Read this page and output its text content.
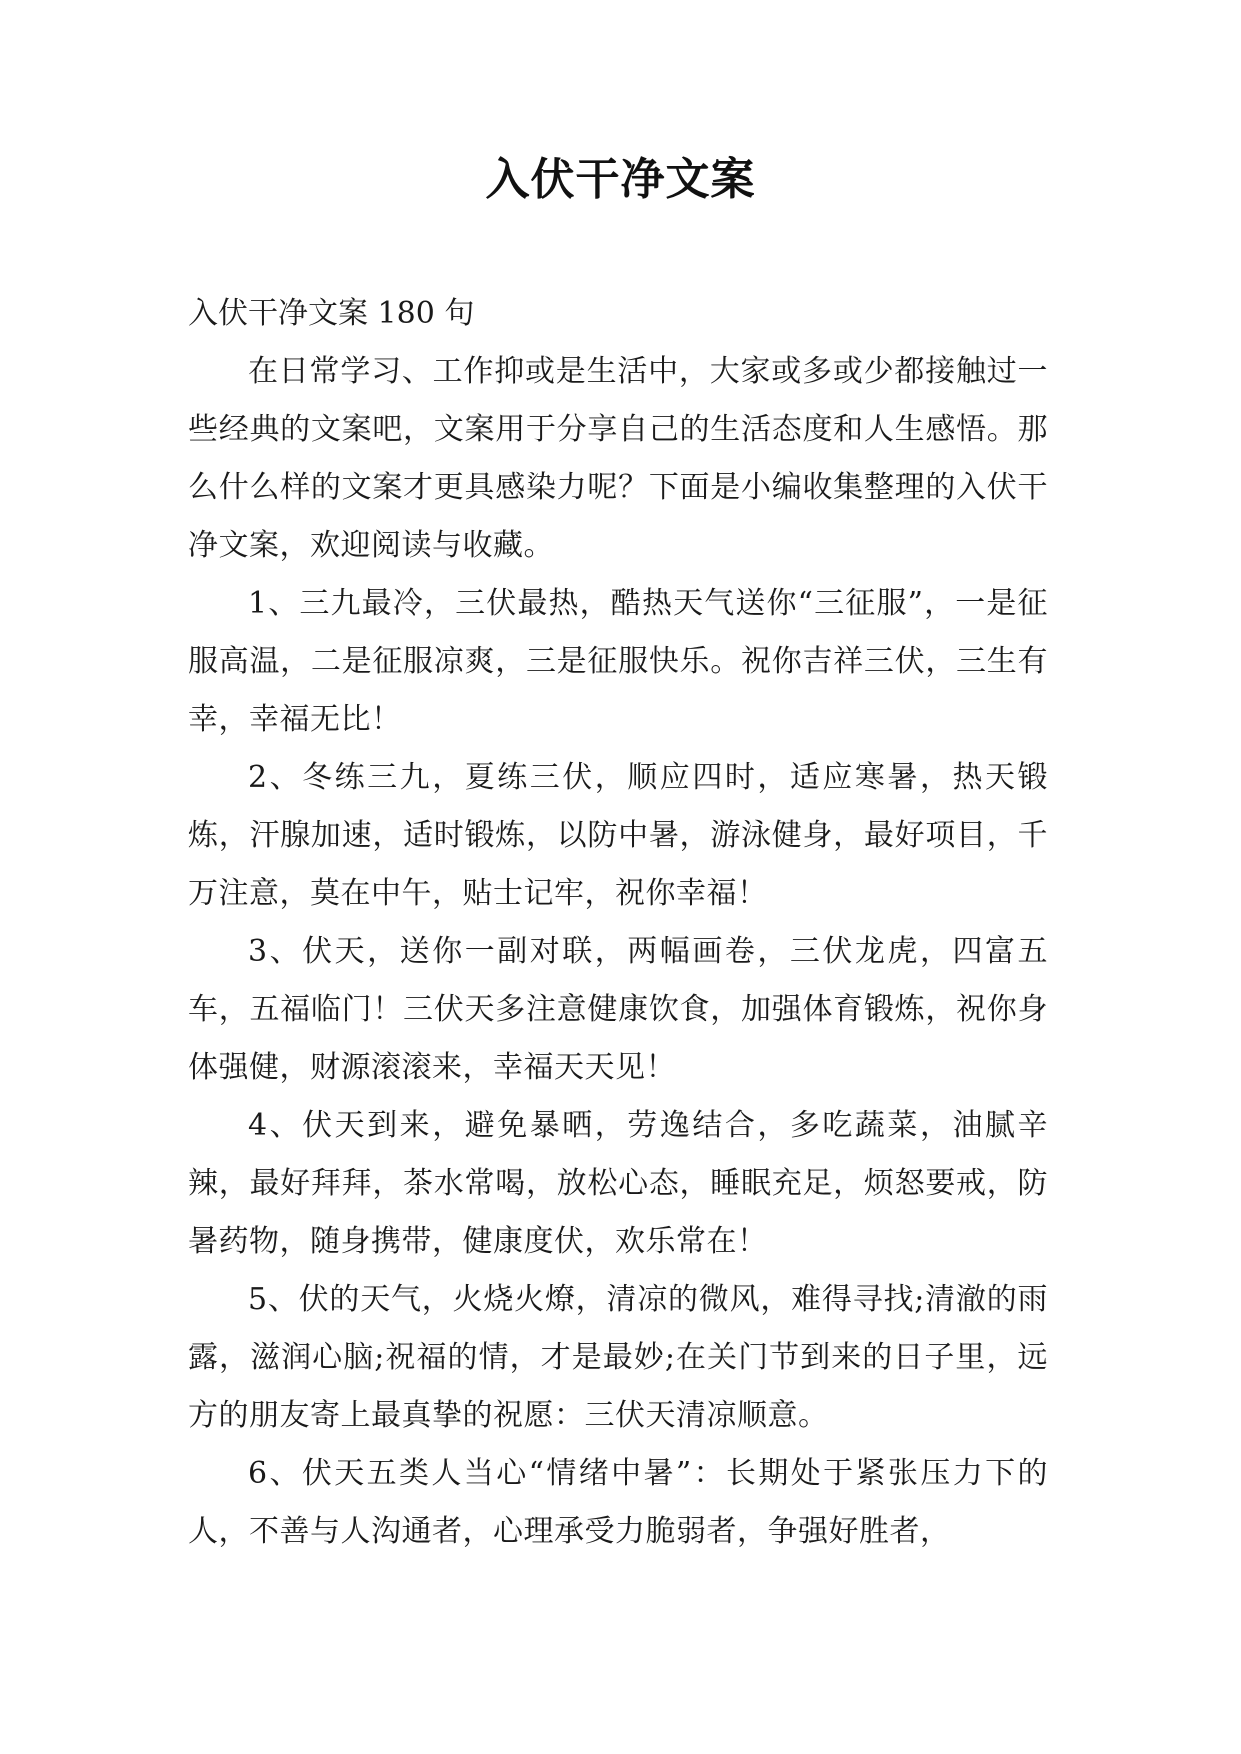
入伏干净文案

入伏干净文案 180 句

在日常学习、工作抑或是生活中，大家或多或少都接触过一些经典的文案吧，文案用于分享自己的生活态度和人生感悟。那么什么样的文案才更具感染力呢？下面是小编收集整理的入伏干净文案，欢迎阅读与收藏。

1、三九最冷，三伏最热，酷热天气送你“三征服”，一是征服高温，二是征服凉爽，三是征服快乐。祝你吉祥三伏，三生有幸，幸福无比！

2、冬练三九，夏练三伏，顺应四时，适应寒暑，热天锻炼，汗腺加速，适时锻炼，以防中暑，游泳健身，最好项目，千万注意，莫在中午，贴士记牢，祝你幸福！

3、伏天，送你一副对联，两幅画卷，三伏龙虎，四富五车，五福临门！三伏天多注意健康饮食，加强体育锻炼，祝你身体强健，财源滚滚来，幸福天天见！

4、伏天到来，避免暴晒，劳逸结合，多吃蔬菜，油腻辛辣，最好拜拜，茶水常喝，放松心态，睡眠充足，烦怒要戒，防暑药物，随身携带，健康度伏，欢乐常在！

5、伏的天气，火烧火燎，清凉的微风，难得寻找;清澈的雨露，滋润心脑;祝福的情，才是最妙;在关门节到来的日子里，远方的朋友寄上最真挚的祝愿：三伏天清凉顺意。

6、伏天五类人当心“情绪中暑”：长期处于紧张压力下的人，不善与人沟通者，心理承受力脆弱者，争强好胜者，
